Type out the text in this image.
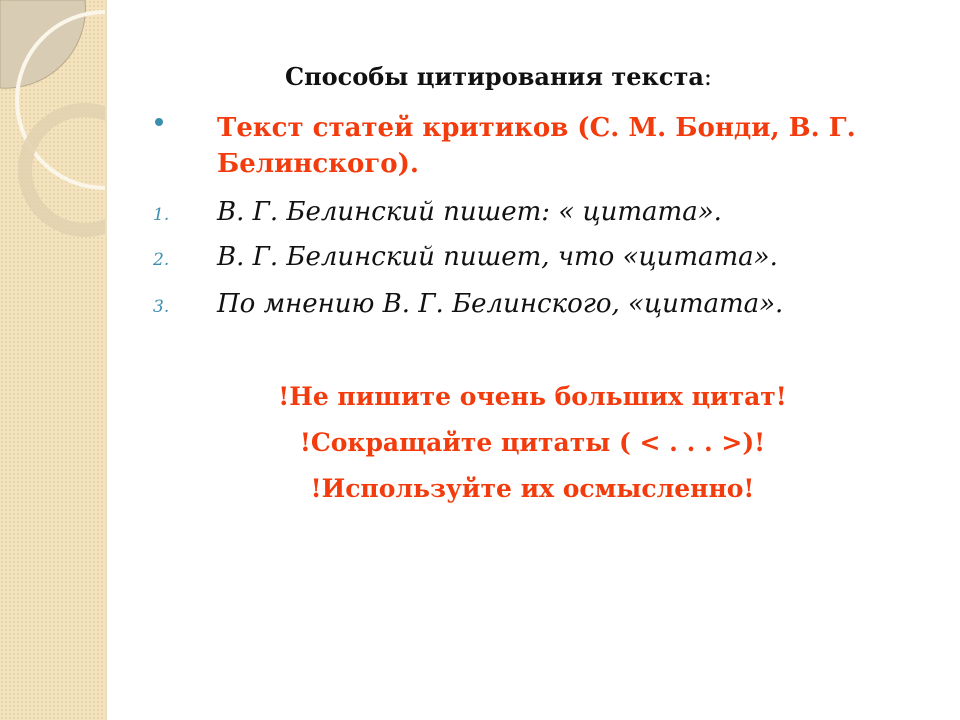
Способы цитирования текста:
Текст статей критиков (С. М. Бонди, В. Г. Белинского).
1. В. Г. Белинский пишет: « цитата».
2. В. Г. Белинский пишет, что «цитата».
3. По мнению В. Г. Белинского, «цитата».
!Не пишите очень больших цитат!
!Сокращайте цитаты ( < . . . >)!
!Используйте их осмысленно!
